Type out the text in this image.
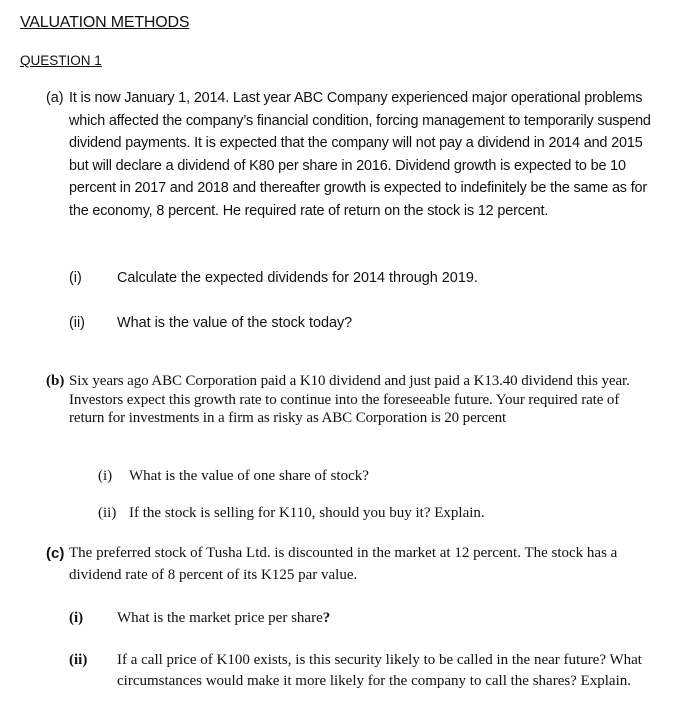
VALUATION METHODS
QUESTION 1
(a) It is now January 1, 2014. Last year ABC Company experienced major operational problems which affected the company’s financial condition, forcing management to temporarily suspend dividend payments. It is expected that the company will not pay a dividend in 2014 and 2015 but will declare a dividend of K80 per share in 2016. Dividend growth is expected to be 10 percent in 2017 and 2018 and thereafter growth is expected to indefinitely be the same as for the economy, 8 percent. He required rate of return on the stock is 12 percent.
(i) Calculate the expected dividends for 2014 through 2019.
(ii) What is the value of the stock today?
(b) Six years ago ABC Corporation paid a K10 dividend and just paid a K13.40 dividend this year. Investors expect this growth rate to continue into the foreseeable future. Your required rate of return for investments in a firm as risky as ABC Corporation is 20 percent
(i) What is the value of one share of stock?
(ii) If the stock is selling for K110, should you buy it? Explain.
(c) The preferred stock of Tusha Ltd. is discounted in the market at 12 percent. The stock has a dividend rate of 8 percent of its K125 par value.
(i) What is the market price per share?
(ii) If a call price of K100 exists, is this security likely to be called in the near future? What circumstances would make it more likely for the company to call the shares? Explain.
